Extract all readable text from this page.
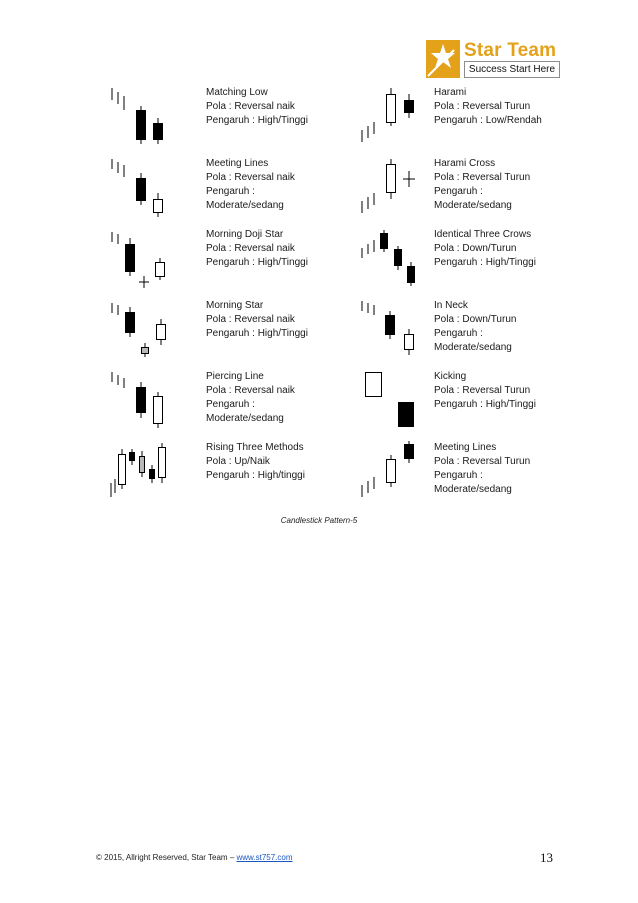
Star Team
Success Start Here
Matching Low
Pola : Reversal naik
Pengaruh : High/Tinggi
Harami
Pola : Reversal Turun
Pengaruh : Low/Rendah
Meeting Lines
Pola : Reversal naik
Pengaruh :
Moderate/sedang
Harami Cross
Pola : Reversal Turun
Pengaruh :
Moderate/sedang
Morning Doji Star
Pola : Reversal naik
Pengaruh : High/Tinggi
Identical Three Crows
Pola : Down/Turun
Pengaruh : High/Tinggi
Morning Star
Pola : Reversal naik
Pengaruh : High/Tinggi
In Neck
Pola : Down/Turun
Pengaruh :
Moderate/sedang
Piercing Line
Pola : Reversal naik
Pengaruh :
Moderate/sedang
Kicking
Pola : Reversal Turun
Pengaruh : High/Tinggi
Rising Three Methods
Pola : Up/Naik
Pengaruh : High/tinggi
Meeting Lines
Pola : Reversal Turun
Pengaruh :
Moderate/sedang
Candlestick Pattern-5
© 2015, Allright Reserved, Star Team – www.st757.com	13
